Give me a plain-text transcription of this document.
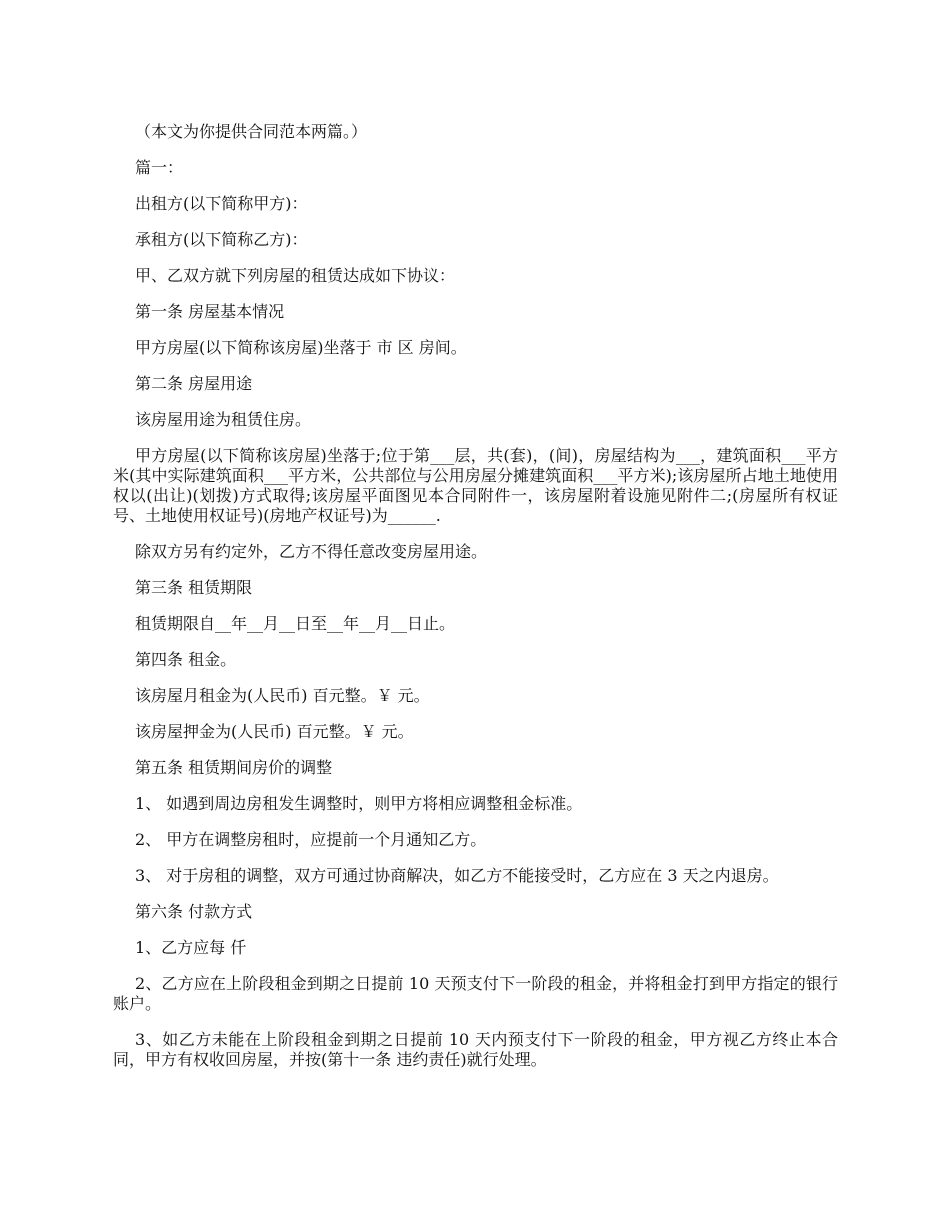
（本文为你提供合同范本两篇。）

篇一：

出租方(以下简称甲方)：

承租方(以下简称乙方)：

甲、乙双方就下列房屋的租赁达成如下协议：

第一条 房屋基本情况

甲方房屋(以下简称该房屋)坐落于 市 区 房间。

第二条 房屋用途

该房屋用途为租赁住房。

甲方房屋(以下简称该房屋)坐落于;位于第___层，共(套)，(间)，房屋结构为___，建筑面积___平方米(其中实际建筑面积___平方米，公共部位与公用房屋分摊建筑面积___平方米);该房屋所占地土地使用权以(出让)(划拨)方式取得;该房屋平面图见本合同附件一，该房屋附着设施见附件二;(房屋所有权证号、土地使用权证号)(房地产权证号)为______.

除双方另有约定外，乙方不得任意改变房屋用途。

第三条 租赁期限

租赁期限自__年__月__日至__年__月__日止。

第四条 租金。

该房屋月租金为(人民币) 百元整。￥ 元。

该房屋押金为(人民币) 百元整。￥ 元。

第五条 租赁期间房价的调整

1、 如遇到周边房租发生调整时，则甲方将相应调整租金标准。

2、 甲方在调整房租时，应提前一个月通知乙方。

3、 对于房租的调整，双方可通过协商解决，如乙方不能接受时，乙方应在 3 天之内退房。

第六条 付款方式

1、乙方应每 仟

2、乙方应在上阶段租金到期之日提前 10 天预支付下一阶段的租金，并将租金打到甲方指定的银行账户。

3、如乙方未能在上阶段租金到期之日提前 10 天内预支付下一阶段的租金，甲方视乙方终止本合同，甲方有权收回房屋，并按(第十一条 违约责任)就行处理。
